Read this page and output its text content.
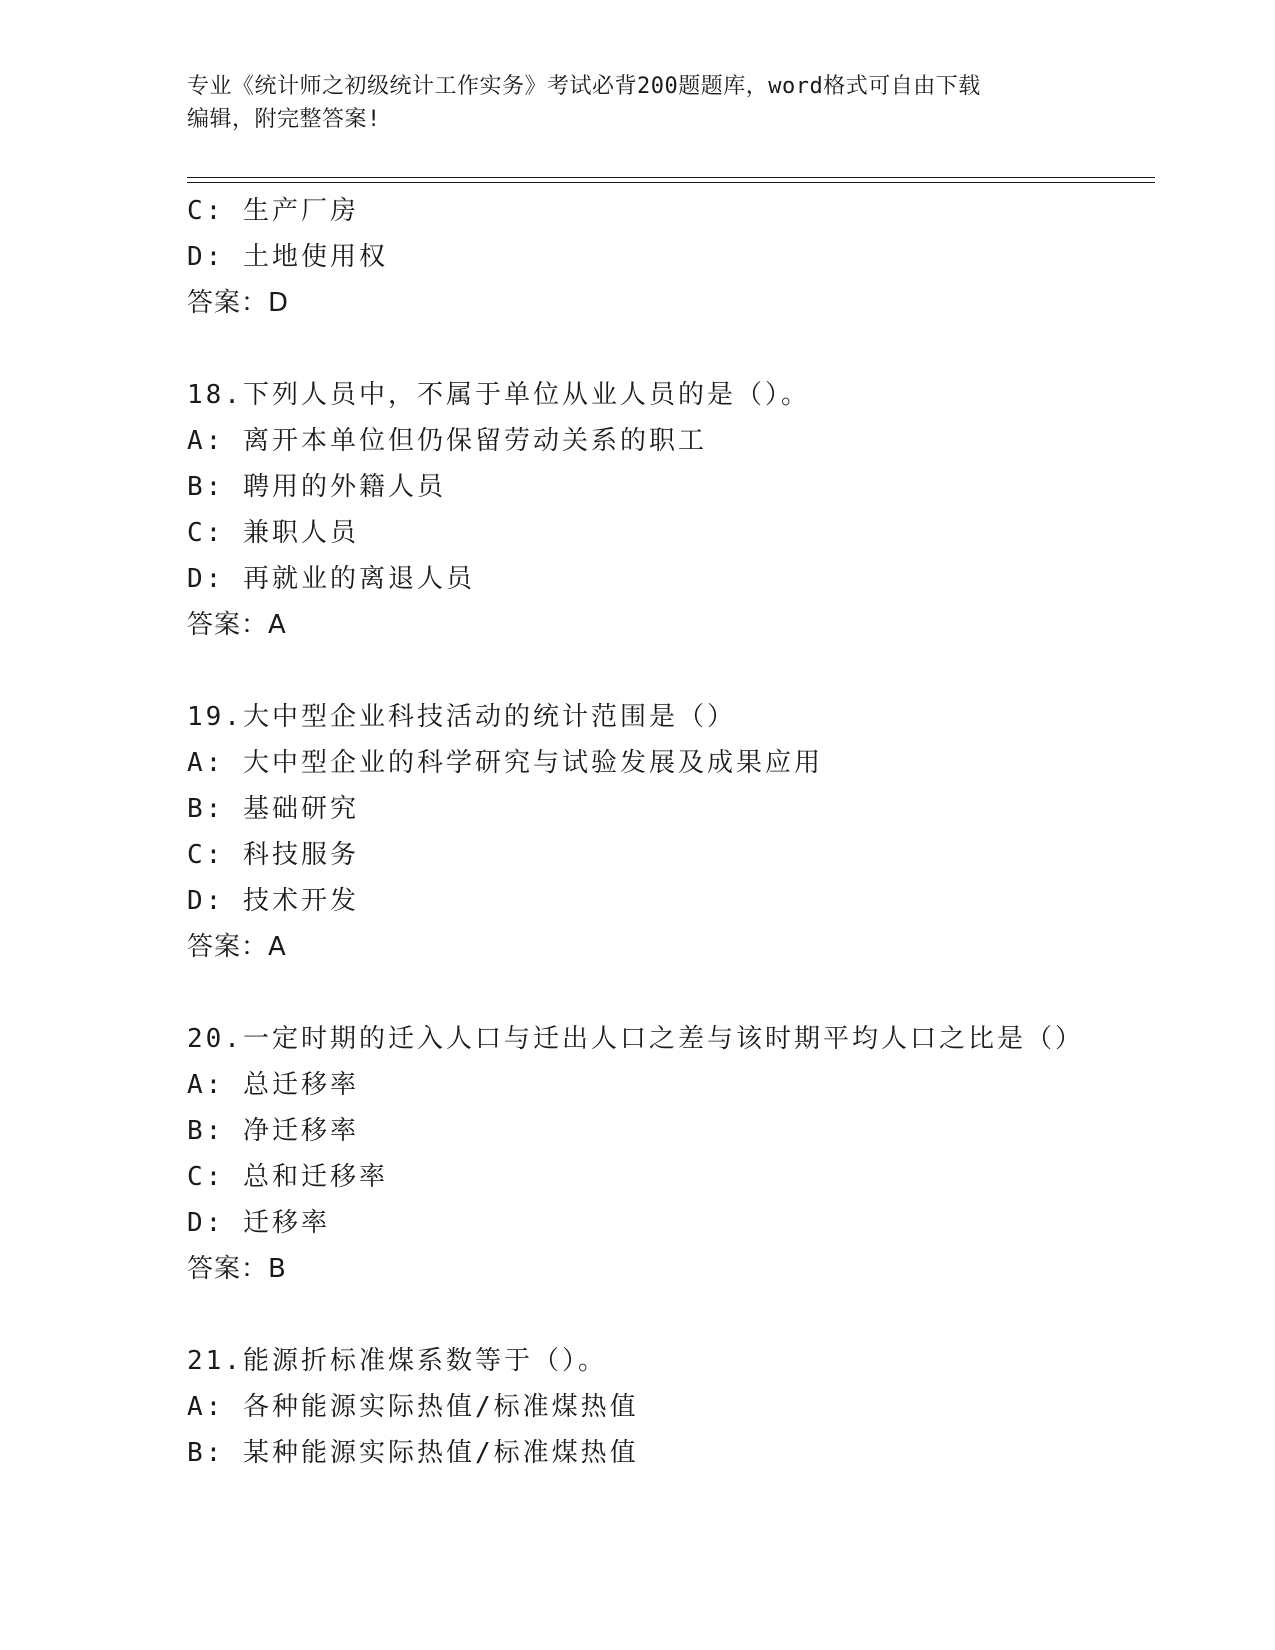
专业《统计师之初级统计工作实务》考试必背200题题库，word格式可自由下载
编辑，附完整答案!
C: 生产厂房
D: 土地使用权
答案：D
18.下列人员中，不属于单位从业人员的是（）。
A: 离开本单位但仍保留劳动关系的职工
B: 聘用的外籍人员
C: 兼职人员
D: 再就业的离退人员
答案：A
19.大中型企业科技活动的统计范围是（）
A: 大中型企业的科学研究与试验发展及成果应用
B: 基础研究
C: 科技服务
D: 技术开发
答案：A
20.一定时期的迁入人口与迁出人口之差与该时期平均人口之比是（）
A: 总迁移率
B: 净迁移率
C: 总和迁移率
D: 迁移率
答案：B
21.能源折标准煤系数等于（）。
A: 各种能源实际热值/标准煤热值
B: 某种能源实际热值/标准煤热值
